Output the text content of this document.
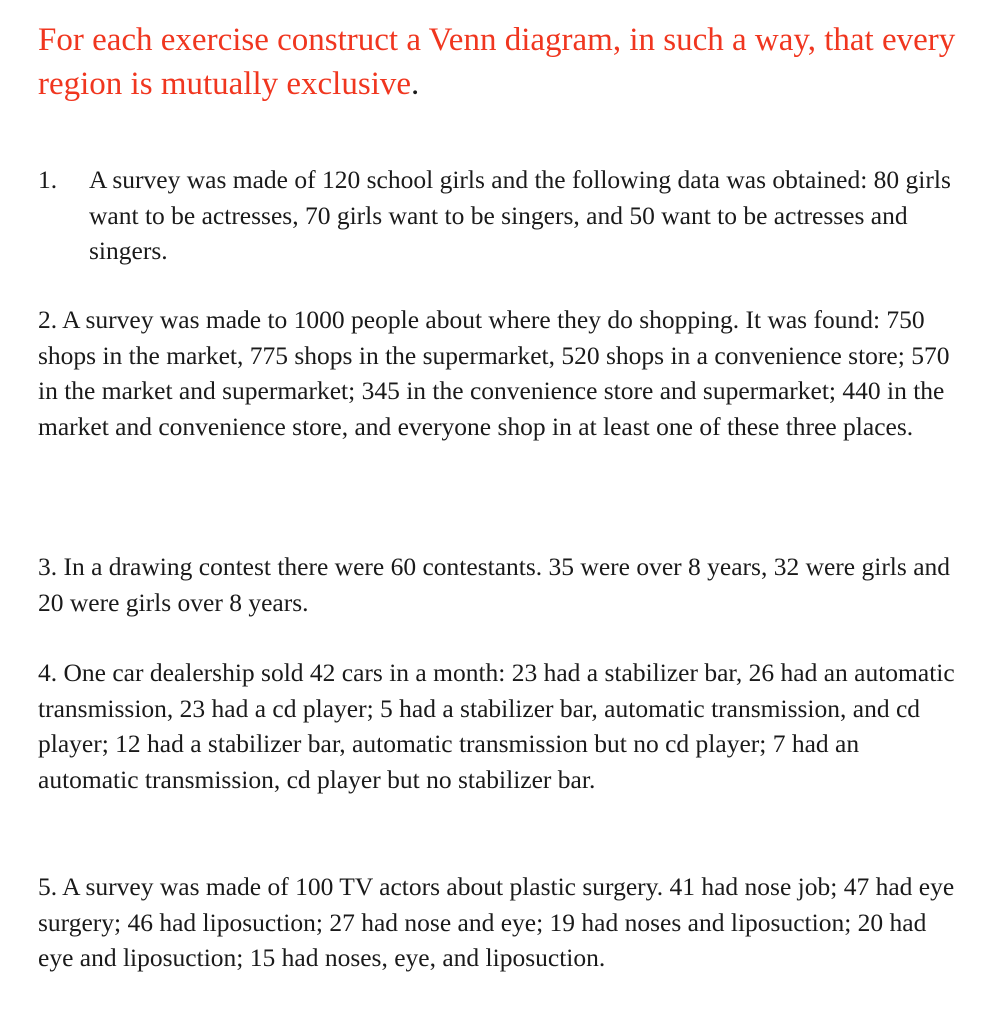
For each exercise construct a Venn diagram, in such a way, that every region is mutually exclusive.

1. A survey was made of 120 school girls and the following data was obtained: 80 girls want to be actresses, 70 girls want to be singers, and 50 want to be actresses and singers.

2. A survey was made to 1000 people about where they do shopping. It was found: 750 shops in the market, 775 shops in the supermarket, 520 shops in a convenience store; 570 in the market and supermarket; 345 in the convenience store and supermarket; 440 in the market and convenience store, and everyone shop in at least one of these three places.

3. In a drawing contest there were 60 contestants. 35 were over 8 years, 32 were girls and 20 were girls over 8 years.

4. One car dealership sold 42 cars in a month: 23 had a stabilizer bar, 26 had an automatic transmission, 23 had a cd player; 5 had a stabilizer bar, automatic transmission, and cd player; 12 had a stabilizer bar, automatic transmission but no cd player; 7 had an automatic transmission, cd player but no stabilizer bar.

5. A survey was made of 100 TV actors about plastic surgery. 41 had nose job; 47 had eye surgery; 46 had liposuction; 27 had nose and eye; 19 had noses and liposuction; 20 had eye and liposuction; 15 had noses, eye, and liposuction.
